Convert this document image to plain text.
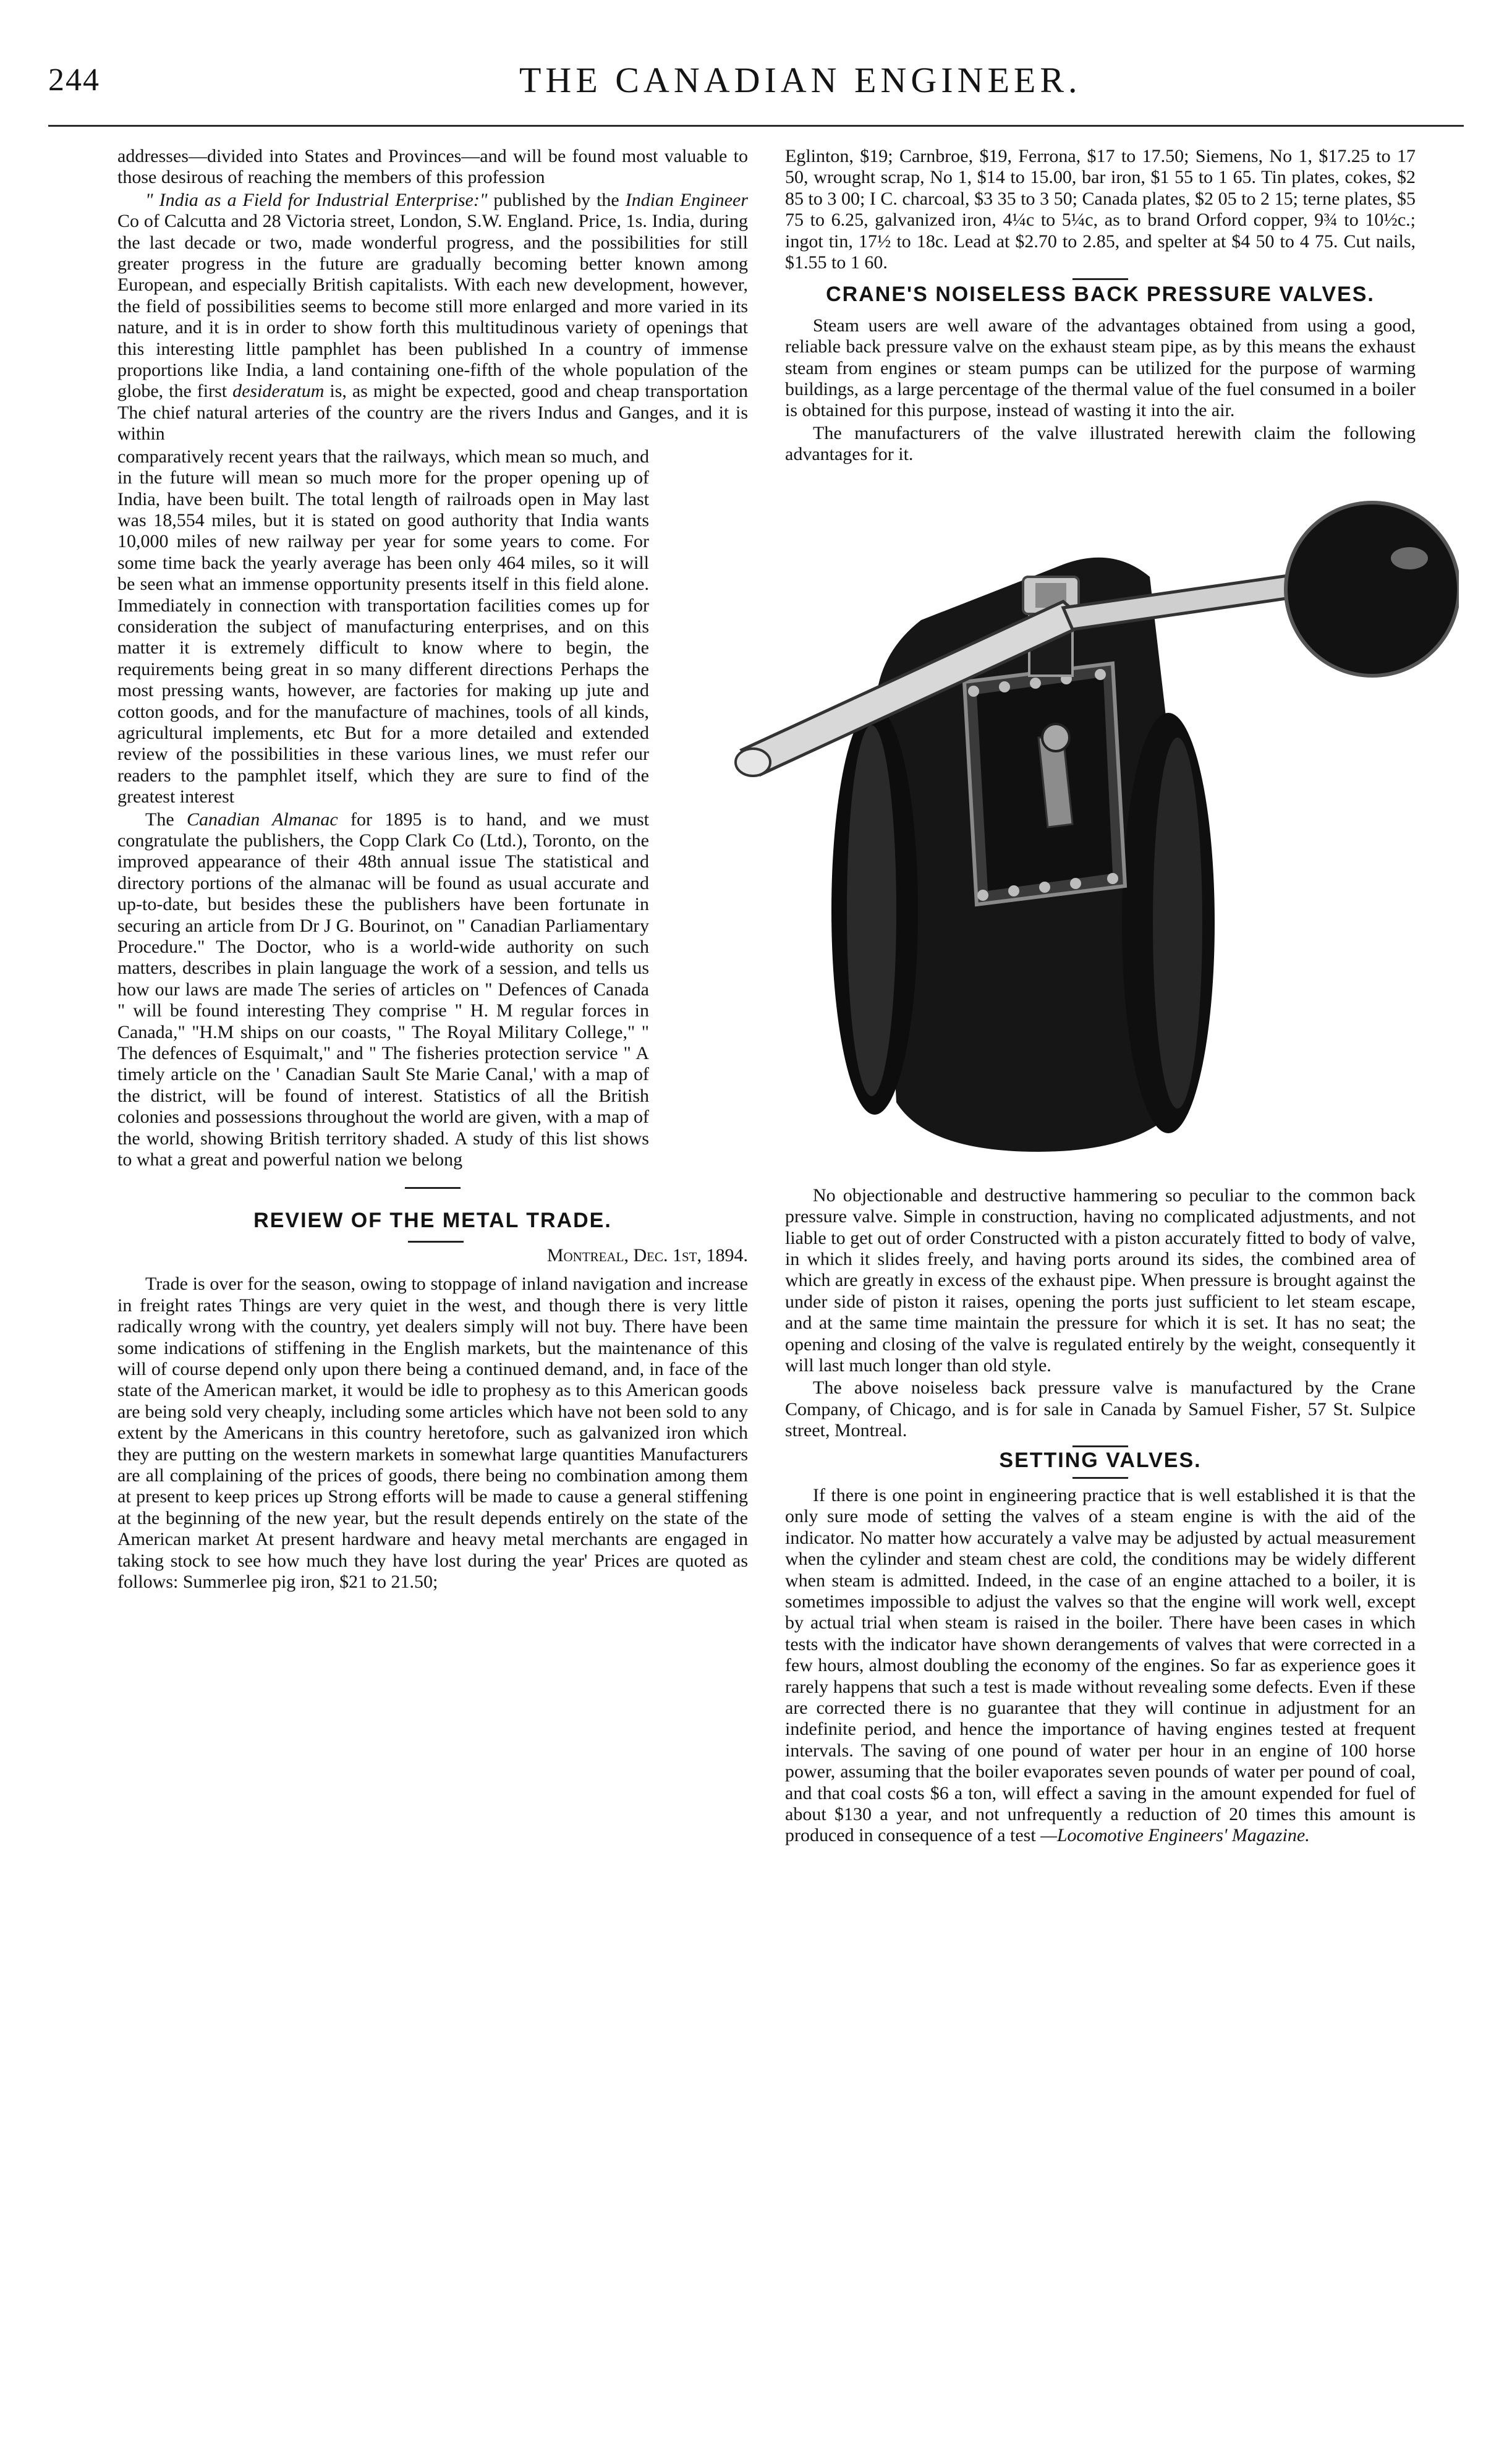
244	THE CANADIAN ENGINEER.

addresses—divided into States and Provinces—and will be found most valuable to those desirous of reaching the members of this profession

" India as a Field for Industrial Enterprise:" published by the Indian Engineer Co of Calcutta and 28 Victoria street, London, S.W. England. Price, 1s. India, during the last decade or two, made wonderful progress, and the possibilities for still greater progress in the future are gradually becoming better known among European, and especially British capitalists. With each new development, however, the field of possibilities seems to become still more enlarged and more varied in its nature, and it is in order to show forth this multitudinous variety of openings that this interesting little pamphlet has been published In a country of immense proportions like India, a land containing one-fifth of the whole population of the globe, the first desideratum is, as might be expected, good and cheap transportation The chief natural arteries of the country are the rivers Indus and Ganges, and it is within

comparatively recent years that the railways, which mean so much, and in the future will mean so much more for the proper opening up of India, have been built. The total length of railroads open in May last was 18,554 miles, but it is stated on good authority that India wants 10,000 miles of new railway per year for some years to come. For some time back the yearly average has been only 464 miles, so it will be seen what an immense opportunity presents itself in this field alone. Immediately in connection with transportation facilities comes up for consideration the subject of manufacturing enterprises, and on this matter it is extremely difficult to know where to begin, the requirements being great in so many different directions Perhaps the most pressing wants, however, are factories for making up jute and cotton goods, and for the manufacture of machines, tools of all kinds, agricultural implements, etc But for a more detailed and extended review of the possibilities in these various lines, we must refer our readers to the pamphlet itself, which they are sure to find of the greatest interest

The Canadian Almanac for 1895 is to hand, and we must congratulate the publishers, the Copp Clark Co (Ltd.), Toronto, on the improved appearance of their 48th annual issue The statistical and directory portions of the almanac will be found as usual accurate and up-to-date, but besides these the publishers have been fortunate in securing an article from Dr J G. Bourinot, on " Canadian Parliamentary Procedure." The Doctor, who is a world-wide authority on such matters, describes in plain language the work of a session, and tells us how our laws are made The series of articles on " Defences of Canada " will be found interesting They comprise " H. M regular forces in Canada," "H.M ships on our coasts, " The Royal Military College," " The defences of Esquimalt," and " The fisheries protection service " A timely article on the ' Canadian Sault Ste Marie Canal,' with a map of the district, will be found of interest. Statistics of all the British colonies and possessions throughout the world are given, with a map of the world, showing British territory shaded. A study of this list shows to what a great and powerful nation we belong

REVIEW OF THE METAL TRADE.
Montreal, Dec. 1st, 1894.

Trade is over for the season, owing to stoppage of inland navigation and increase in freight rates Things are very quiet in the west, and though there is very little radically wrong with the country, yet dealers simply will not buy. There have been some indications of stiffening in the English markets, but the maintenance of this will of course depend only upon there being a continued demand, and, in face of the state of the American market, it would be idle to prophesy as to this American goods are being sold very cheaply, including some articles which have not been sold to any extent by the Americans in this country heretofore, such as galvanized iron which they are putting on the western markets in somewhat large quantities Manufacturers are all complaining of the prices of goods, there being no combination among them at present to keep prices up Strong efforts will be made to cause a general stiffening at the beginning of the new year, but the result depends entirely on the state of the American market At present hardware and heavy metal merchants are engaged in taking stock to see how much they have lost during the year' Prices are quoted as follows: Summerlee pig iron, $21 to 21.50;

Eglinton, $19; Carnbroe, $19, Ferrona, $17 to 17.50; Siemens, No 1, $17.25 to 17 50, wrought scrap, No 1, $14 to 15.00, bar iron, $1 55 to 1 65. Tin plates, cokes, $2 85 to 3 00; I C. charcoal, $3 35 to 3 50; Canada plates, $2 05 to 2 15; terne plates, $5 75 to 6.25, galvanized iron, 4¼c to 5¼c, as to brand Orford copper, 9¾ to 10½c.; ingot tin, 17½ to 18c. Lead at $2.70 to 2.85, and spelter at $4 50 to 4 75. Cut nails, $1.55 to 1 60.

CRANE'S NOISELESS BACK PRESSURE VALVES.

Steam users are well aware of the advantages obtained from using a good, reliable back pressure valve on the exhaust steam pipe, as by this means the exhaust steam from engines or steam pumps can be utilized for the purpose of warming buildings, as a large percentage of the thermal value of the fuel consumed in a boiler is obtained for this purpose, instead of wasting it into the air.

The manufacturers of the valve illustrated herewith claim the following advantages for it.

No objectionable and destructive hammering so peculiar to the common back pressure valve. Simple in construction, having no complicated adjustments, and not liable to get out of order Constructed with a piston accurately fitted to body of valve, in which it slides freely, and having ports around its sides, the combined area of which are greatly in excess of the exhaust pipe. When pressure is brought against the under side of piston it raises, opening the ports just sufficient to let steam escape, and at the same time maintain the pressure for which it is set. It has no seat; the opening and closing of the valve is regulated entirely by the weight, consequently it will last much longer than old style.

The above noiseless back pressure valve is manufactured by the Crane Company, of Chicago, and is for sale in Canada by Samuel Fisher, 57 St. Sulpice street, Montreal.

SETTING VALVES.

If there is one point in engineering practice that is well established it is that the only sure mode of setting the valves of a steam engine is with the aid of the indicator. No matter how accurately a valve may be adjusted by actual measurement when the cylinder and steam chest are cold, the conditions may be widely different when steam is admitted. Indeed, in the case of an engine attached to a boiler, it is sometimes impossible to adjust the valves so that the engine will work well, except by actual trial when steam is raised in the boiler. There have been cases in which tests with the indicator have shown derangements of valves that were corrected in a few hours, almost doubling the economy of the engines. So far as experience goes it rarely happens that such a test is made without revealing some defects. Even if these are corrected there is no guarantee that they will continue in adjustment for an indefinite period, and hence the importance of having engines tested at frequent intervals. The saving of one pound of water per hour in an engine of 100 horse power, assuming that the boiler evaporates seven pounds of water per pound of coal, and that coal costs $6 a ton, will effect a saving in the amount expended for fuel of about $130 a year, and not unfrequently a reduction of 20 times this amount is produced in consequence of a test —Locomotive Engineers' Magazine.
